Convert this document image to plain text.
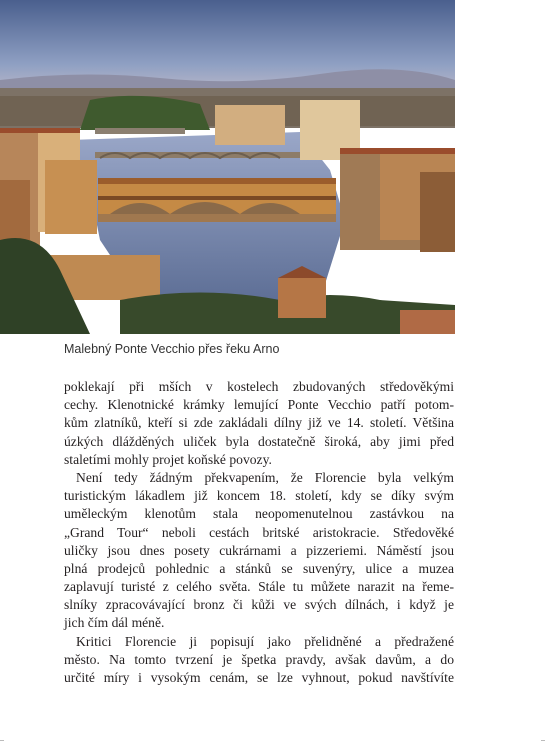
Malebný Ponte Vecchio přes řeku Arno
poklekají při mších v kostelech zbudovaných středověkými
cechy. Klenotnické krámky lemující Ponte Vecchio patří potom-
kům zlatníků, kteří si zde zakládali dílny již ve 14. století. Většina
úzkých dlážděných uliček byla dostatečně široká, aby jimi před
staletími mohly projet koňské povozy.
Není tedy žádným překvapením, že Florencie byla velkým
turistickým lákadlem již koncem 18. století, kdy se díky svým
uměleckým klenotům stala neopomenutelnou zastávkou na
„Grand Tour“ neboli cestách britské aristokracie. Středověké
uličky jsou dnes posety cukrárnami a pizzeriemi. Náměstí jsou
plná prodejců pohlednic a stánků se suvenýry, ulice a muzea
zaplavují turisté z celého světa. Stále tu můžete narazit na řeme-
slníky zpracovávající bronz či kůži ve svých dílnách, i když je
jich čím dál méně.
Kritici Florencie ji popisují jako přelidněné a předražené
město. Na tomto tvrzení je špetka pravdy, avšak davům, a do
určité míry i vysokým cenám, se lze vyhnout, pokud navštívíte
